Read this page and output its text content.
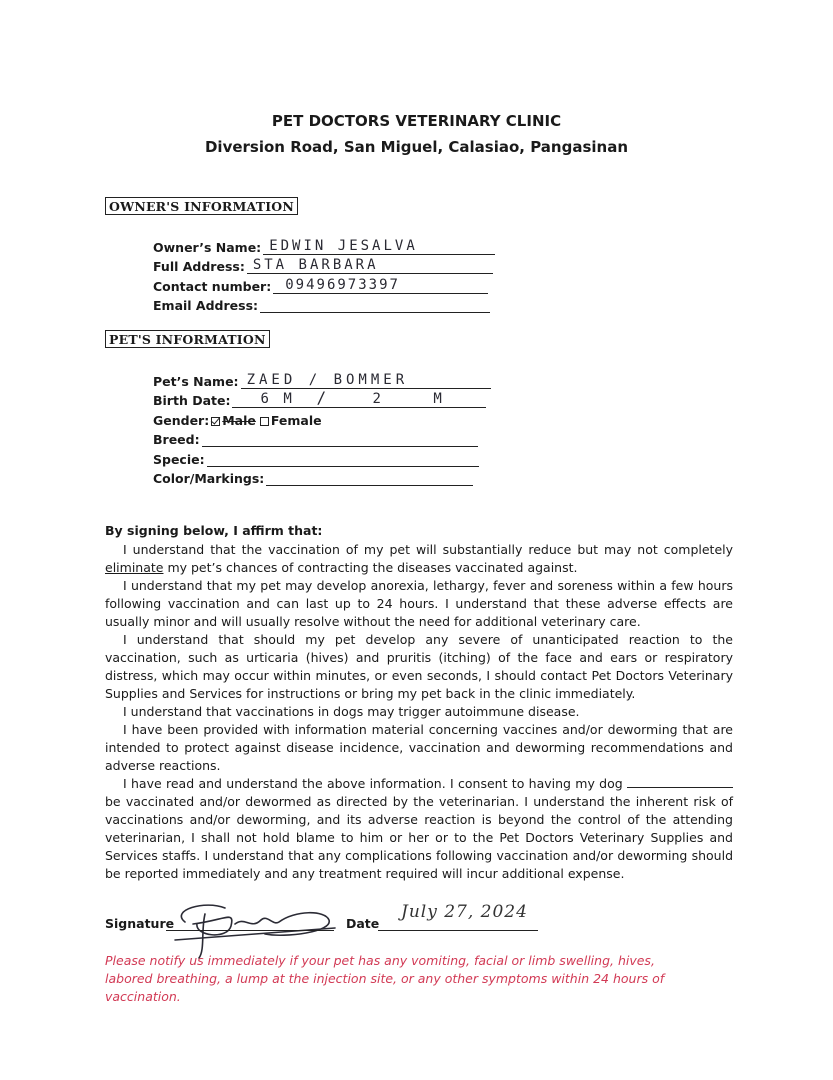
PET DOCTORS VETERINARY CLINIC
Diversion Road, San Miguel, Calasiao, Pangasinan
OWNER'S INFORMATION
Owner’s Name: EDWIN JESALVA
Full Address: STA BARBARA
Contact number: 09496973397
Email Address:
PET'S INFORMATION
Pet’s Name: ZAED / BOMMER
Birth Date: 6 M /	2 M
Gender:	Male	Female
Breed:
Specie:
Color/Markings:
By signing below, I affirm that:

I understand that the vaccination of my pet will substantially reduce but may not completely eliminate my pet’s chances of contracting the diseases vaccinated against.

I understand that my pet may develop anorexia, lethargy, fever and soreness within a few hours following vaccination and can last up to 24 hours. I understand that these adverse effects are usually minor and will usually resolve without the need for additional veterinary care.

I understand that should my pet develop any severe of unanticipated reaction to the vaccination, such as urticaria (hives) and pruritis (itching) of the face and ears or respiratory distress, which may occur within minutes, or even seconds, I should contact Pet Doctors Veterinary Supplies and Services for instructions or bring my pet back in the clinic immediately.

I understand that vaccinations in dogs may trigger autoimmune disease.

I have been provided with information material concerning vaccines and/or deworming that are intended to protect against disease incidence, vaccination and deworming recommendations and adverse reactions.

I have read and understand the above information. I consent to having my dog  be vaccinated and/or dewormed as directed by the veterinarian. I understand the inherent risk of vaccinations and/or deworming, and its adverse reaction is beyond the control of the attending veterinarian, I shall not hold blame to him or her or to the Pet Doctors Veterinary Supplies and Services staffs. I understand that any complications following vaccination and/or deworming should be reported immediately and any treatment required will incur additional expense.

Signature	Date
July 27, 2024
Please notify us immediately if your pet has any vomiting, facial or limb swelling, hives, labored breathing, a lump at the injection site, or any other symptoms within 24 hours of vaccination.
